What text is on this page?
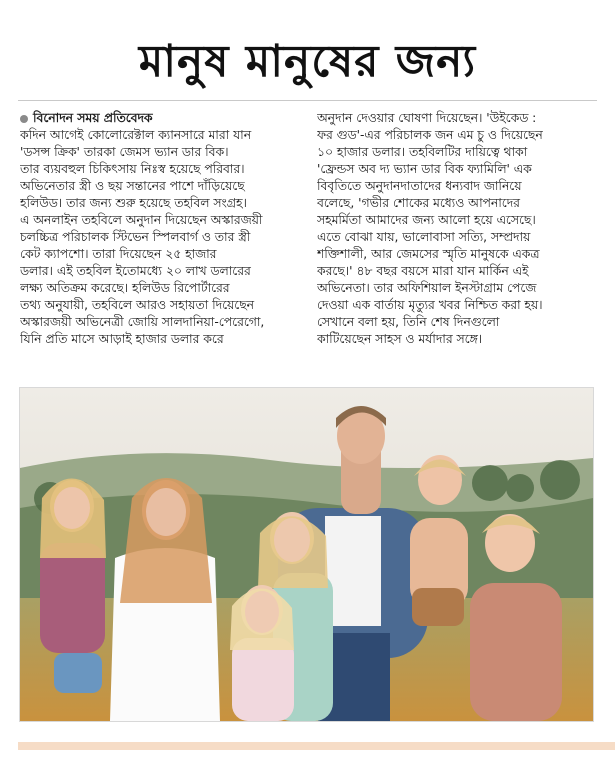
মানুষ মানুষের জন্য
বিনোদন সময় প্রতিবেদক
কদিন আগেই কোলোরেক্টাল ক্যানসারে মারা যান
'ডসন্স ক্রিক' তারকা জেমস ভ্যান ডার বিক।
তার ব্যয়বহুল চিকিৎসায় নিঃস্ব হয়েছে পরিবার।
অভিনেতার স্ত্রী ও ছয় সন্তানের পাশে দাঁড়িয়েছে
হলিউড। তার জন্য শুরু হয়েছে তহবিল সংগ্রহ।
এ অনলাইন তহবিলে অনুদান দিয়েছেন অস্কারজয়ী
চলচ্চিত্র পরিচালক স্টিভেন স্পিলবার্গ ও তার স্ত্রী
কেট ক্যাপশো। তারা দিয়েছেন ২৫ হাজার
ডলার। এই তহবিল ইতোমধ্যে ২০ লাখ ডলারের
লক্ষ্য অতিক্রম করেছে। হলিউড রিপোর্টারের
তথ্য অনুযায়ী, তহবিলে আরও সহায়তা দিয়েছেন
অস্কারজয়ী অভিনেত্রী জোয়ি সালদানিয়া-পেরেগো,
যিনি প্রতি মাসে আড়াই হাজার ডলার করে
অনুদান দেওয়ার ঘোষণা দিয়েছেন। 'উইকেড :
ফর গুড'-এর পরিচালক জন এম চু ও দিয়েছেন
১০ হাজার ডলার। তহবিলটির দায়িত্বে থাকা
'ফ্রেন্ডস অব দ্য ভ্যান ডার বিক ফ্যামিলি' এক
বিবৃতিতে অনুদানদাতাদের ধন্যবাদ জানিয়ে
বলেছে, 'গভীর শোকের মধ্যেও আপনাদের
সহমর্মিতা আমাদের জন্য আলো হয়ে এসেছে।
এতে বোঝা যায়, ভালোবাসা সত্যি, সম্প্রদায়
শক্তিশালী, আর জেমসের স্মৃতি মানুষকে একত্র
করছে।' ৪৮ বছর বয়সে মারা যান মার্কিন এই
অভিনেতা। তার অফিশিয়াল ইনস্টাগ্রাম পেজে
দেওয়া এক বার্তায় মৃত্যুর খবর নিশ্চিত করা হয়।
সেখানে বলা হয়, তিনি শেষ দিনগুলো
কাটিয়েছেন সাহস ও মর্যাদার সঙ্গে।
